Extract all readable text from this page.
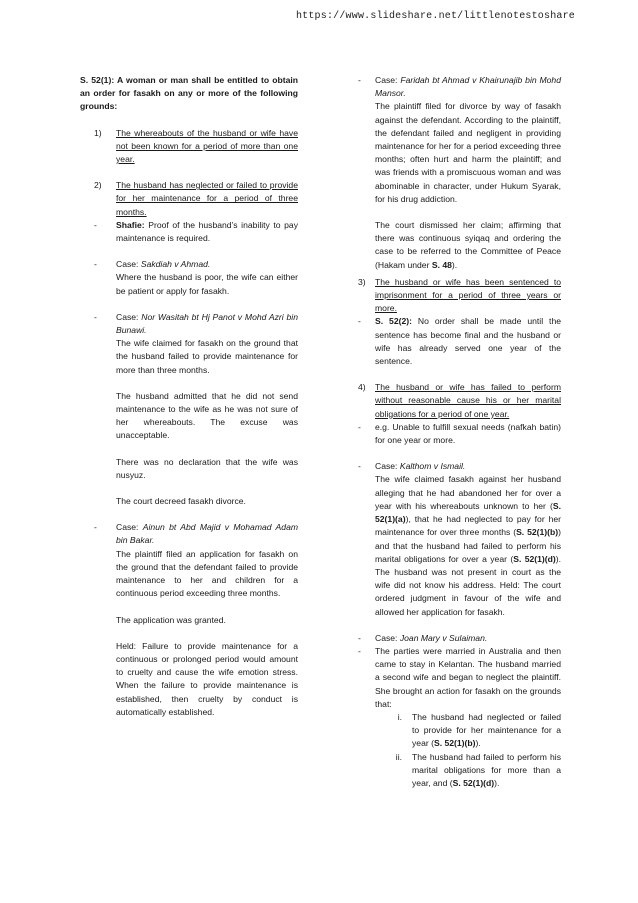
https://www.slideshare.net/littlenotestoshare

S. 52(1): A woman or man shall be entitled to obtain an order for fasakh on any or more of the following grounds:

1)	The whereabouts of the husband or wife have not been known for a period of more than one year.
2)	The husband has neglected or failed to provide for her maintenance for a period of three months.
-	Shafie: Proof of the husband’s inability to pay maintenance is required.
-	Case: Sakdiah v Ahmad.

Where the husband is poor, the wife can either be patient or apply for fasakh.

-	Case: Nor Wasitah bt Hj Panot v Mohd Azri bin Bunawi.

The wife claimed for fasakh on the ground that the husband failed to provide maintenance for more than three months.

The husband admitted that he did not send maintenance to the wife as he was not sure of her whereabouts. The excuse was unacceptable.

There was no declaration that the wife was nusyuz.

The court decreed fasakh divorce.

-	Case: Ainun bt Abd Majid v Mohamad Adam bin Bakar.

The plaintiff filed an application for fasakh on the ground that the defendant failed to provide maintenance to her and children for a continuous period exceeding three months.

The application was granted.

Held: Failure to provide maintenance for a continuous or prolonged period would amount to cruelty and cause the wife emotion stress. When the failure to provide maintenance is established, then cruelty by conduct is automatically established.

-	Case: Faridah bt Ahmad v Khairunajib bin Mohd Mansor.

The plaintiff filed for divorce by way of fasakh against the defendant. According to the plaintiff, the defendant failed and negligent in providing maintenance for her for a period exceeding three months; often hurt and harm the plaintiff; and was friends with a promiscuous woman and was abominable in character, under Hukum Syarak, for his drug addiction.

The court dismissed her claim; affirming that there was continuous syiqaq and ordering the case to be referred to the Committee of Peace (Hakam under S. 48).

3)	The husband or wife has been sentenced to imprisonment for a period of three years or more.
-	S. 52(2): No order shall be made until the sentence has become final and the husband or wife has already served one year of the sentence.
4)	The husband or wife has failed to perform without reasonable cause his or her marital obligations for a period of one year.
-	e.g. Unable to fulfill sexual needs (nafkah batin) for one year or more.
-	Case: Kalthom v Ismail.

The wife claimed fasakh against her husband alleging that he had abandoned her for over a year with his whereabouts unknown to her (S. 52(1)(a)), that he had neglected to pay for her maintenance for over three months (S. 52(1)(b)) and that the husband had failed to perform his marital obligations for over a year (S. 52(1)(d)). The husband was not present in court as the wife did not know his address. Held: The court ordered judgment in favour of the wife and allowed her application for fasakh.

-	Case: Joan Mary v Sulaiman.

-	The parties were married in Australia and then came to stay in Kelantan. The husband married a second wife and began to neglect the plaintiff. She brought an action for fasakh on the grounds that:

i.	The husband had neglected or failed to provide for her maintenance for a year (S. 52(1)(b)).

ii.	The husband had failed to perform his marital obligations for more than a year, and (S. 52(1)(d)).
